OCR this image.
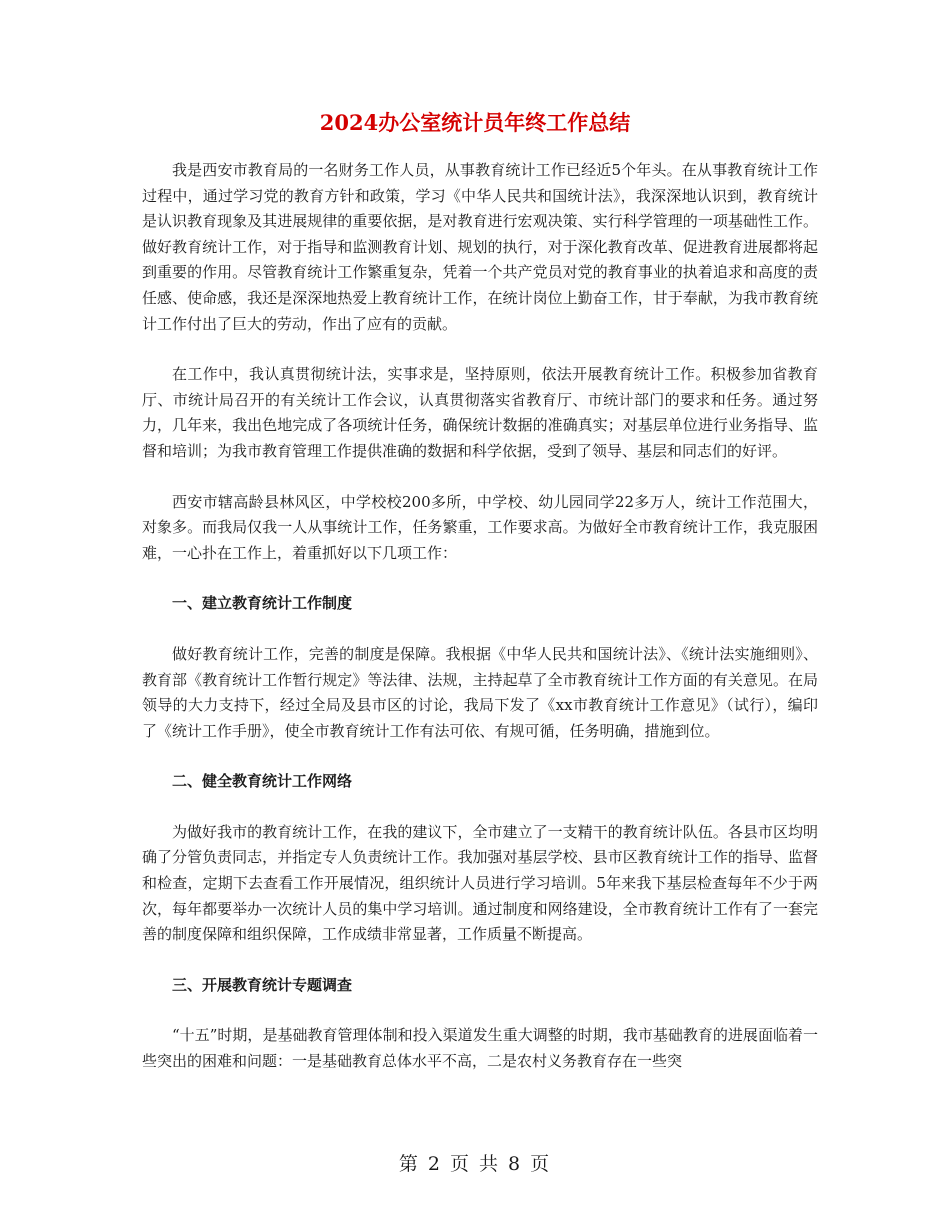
2024办公室统计员年终工作总结

我是西安市教育局的一名财务工作人员，从事教育统计工作已经近5个年头。在从事教育统计工作过程中，通过学习党的教育方针和政策，学习《中华人民共和国统计法》，我深深地认识到，教育统计是认识教育现象及其进展规律的重要依据，是对教育进行宏观决策、实行科学管理的一项基础性工作。做好教育统计工作，对于指导和监测教育计划、规划的执行，对于深化教育改革、促进教育进展都将起到重要的作用。尽管教育统计工作繁重复杂，凭着一个共产党员对党的教育事业的执着追求和高度的责任感、使命感，我还是深深地热爱上教育统计工作，在统计岗位上勤奋工作，甘于奉献，为我市教育统计工作付出了巨大的劳动，作出了应有的贡献。

在工作中，我认真贯彻统计法，实事求是，坚持原则，依法开展教育统计工作。积极参加省教育厅、市统计局召开的有关统计工作会议，认真贯彻落实省教育厅、市统计部门的要求和任务。通过努力，几年来，我出色地完成了各项统计任务，确保统计数据的准确真实；对基层单位进行业务指导、监督和培训；为我市教育管理工作提供准确的数据和科学依据，受到了领导、基层和同志们的好评。

西安市辖高龄县林风区，中学校校200多所，中学校、幼儿园同学22多万人，统计工作范围大，对象多。而我局仅我一人从事统计工作，任务繁重，工作要求高。为做好全市教育统计工作，我克服困难，一心扑在工作上，着重抓好以下几项工作：

一、建立教育统计工作制度

做好教育统计工作，完善的制度是保障。我根据《中华人民共和国统计法》、《统计法实施细则》、教育部《教育统计工作暂行规定》等法律、法规，主持起草了全市教育统计工作方面的有关意见。在局领导的大力支持下，经过全局及县市区的讨论，我局下发了《xx市教育统计工作意见》（试行），编印了《统计工作手册》，使全市教育统计工作有法可依、有规可循，任务明确，措施到位。

二、健全教育统计工作网络

为做好我市的教育统计工作，在我的建议下，全市建立了一支精干的教育统计队伍。各县市区均明确了分管负责同志，并指定专人负责统计工作。我加强对基层学校、县市区教育统计工作的指导、监督和检查，定期下去查看工作开展情况，组织统计人员进行学习培训。5年来我下基层检查每年不少于两次，每年都要举办一次统计人员的集中学习培训。通过制度和网络建设，全市教育统计工作有了一套完善的制度保障和组织保障，工作成绩非常显著，工作质量不断提高。

三、开展教育统计专题调查

“十五”时期，是基础教育管理体制和投入渠道发生重大调整的时期，我市基础教育的进展面临着一些突出的困难和问题：一是基础教育总体水平不高，二是农村义务教育存在一些突

第 2 页 共 8 页
